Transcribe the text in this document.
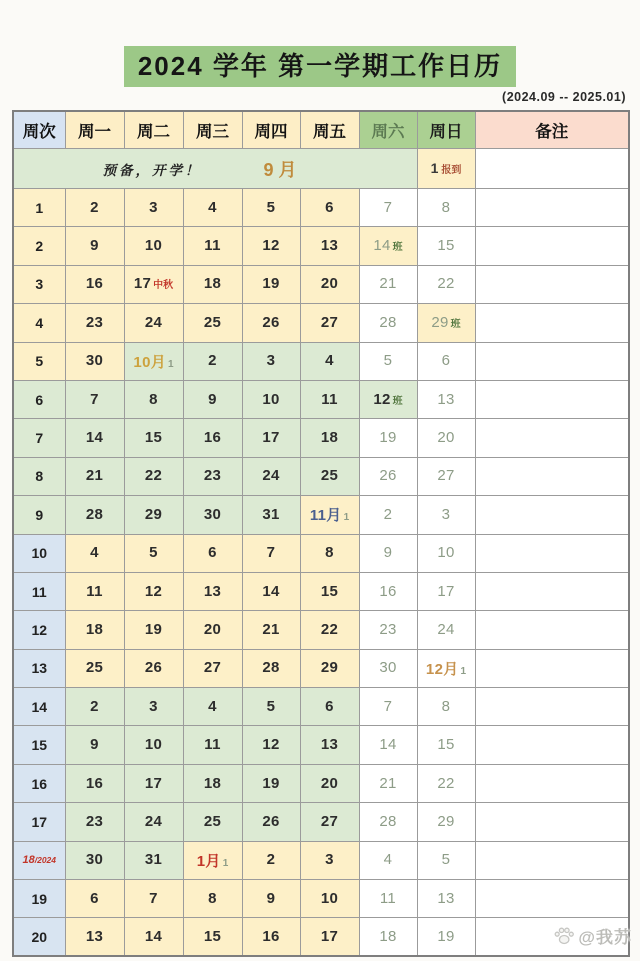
2024 学年 第一学期工作日历
(2024.09 -- 2025.01)
周次	周一	周二	周三	周四	周五	周六	周日	备注

预备，开学！ 9 月							1 报到	
1	2	3	4	5	6	7	8	
2	9	10	11	12	13	14 班	15	
3	16	17 中秋	18	19	20	21	22	
4	23	24	25	26	27	28	29 班	
5	30	10月 1	2	3	4	5	6	
6	7	8	9	10	11	12 班	13	
7	14	15	16	17	18	19	20	
8	21	22	23	24	25	26	27	
9	28	29	30	31	11月 1	2	3	
10	4	5	6	7	8	9	10	
11	11	12	13	14	15	16	17	
12	18	19	20	21	22	23	24	
13	25	26	27	28	29	30	12月 1	
14	2	3	4	5	6	7	8	
15	9	10	11	12	13	14	15	
16	16	17	18	19	20	21	22	
17	23	24	25	26	27	28	29	
18/2024	30	31	1月 1	2	3	4	5	
19	6	7	8	9	10	11	13	
20	13	14	15	16	17	18	19		@我苏
